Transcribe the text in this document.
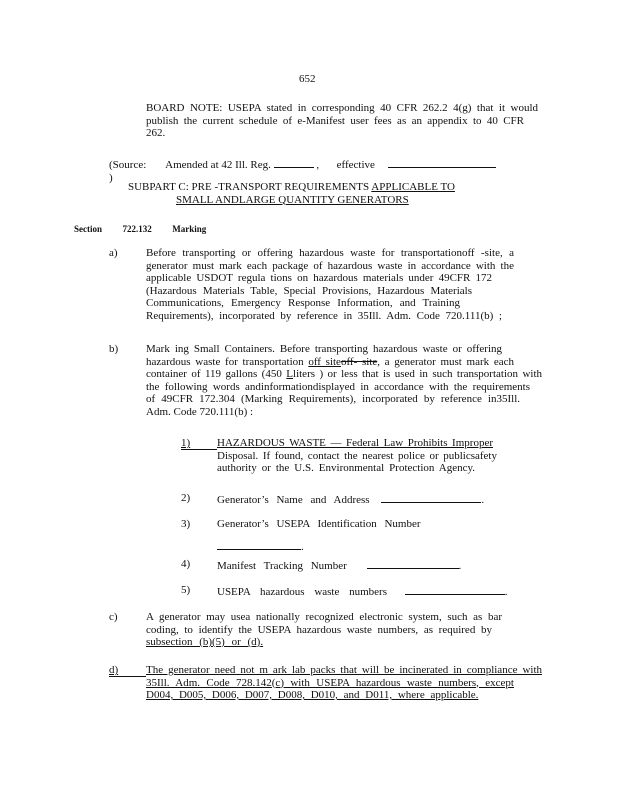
652
BOARD NOTE: USEPA stated in corresponding 40 CFR 262.2 4(g) that it would
publish the current schedule of e-Manifest user fees as an appendix to 40 CFR
262.
(Source: Amended at 42 Ill. Reg.	, effective  )
SUBPART C: PRE -TRANSPORT REQUIREMENTS APPLICABLE TO
SMALL ANDLARGE QUANTITY GENERATORS
Section 722.132 Marking
a)	Before transporting or offering hazardous waste for transportationoff -site, a
generator must mark each package of hazardous waste in accordance with the
applicable USDOT regula tions on hazardous materials under 49CFR 172
(Hazardous Materials Table, Special Provisions, Hazardous Materials
Communications, Emergency Response Information, and Training
Requirements), incorporated by reference in 35Ill. Adm. Code 720.111(b) ;
b)	Mark ing Small Containers. Before transporting hazardous waste or offering
hazardous waste for transportation off siteoff- site, a generator must mark each
container of 119 gallons (450 Lliters ) or less that is used in such transportation with
the following words andinformationdisplayed in accordance with the requirements
of 49CFR 172.304 (Marking Requirements), incorporated by reference in35Ill.
Adm. Code 720.111(b) :
1) HAZARDOUS WASTE — Federal Law Prohibits Improper
Disposal. If found, contact the nearest police or publicsafety
authority or the U.S. Environmental Protection Agency.
2) Generator’s Name and Address	.
3) Generator’s USEPA Identification Number
.
4) Manifest Tracking Number	.
5) USEPA hazardous waste numbers	.
c)	A generator may usea nationally recognized electronic system, such as bar
coding, to identify the USEPA hazardous waste numbers, as required by
subsection (b)(5) or (d).
d)	The generator need not m ark lab packs that will be incinerated in compliance with
35Ill. Adm. Code 728.142(c) with USEPA hazardous waste numbers, except
D004, D005, D006, D007, D008, D010, and D011, where applicable.
